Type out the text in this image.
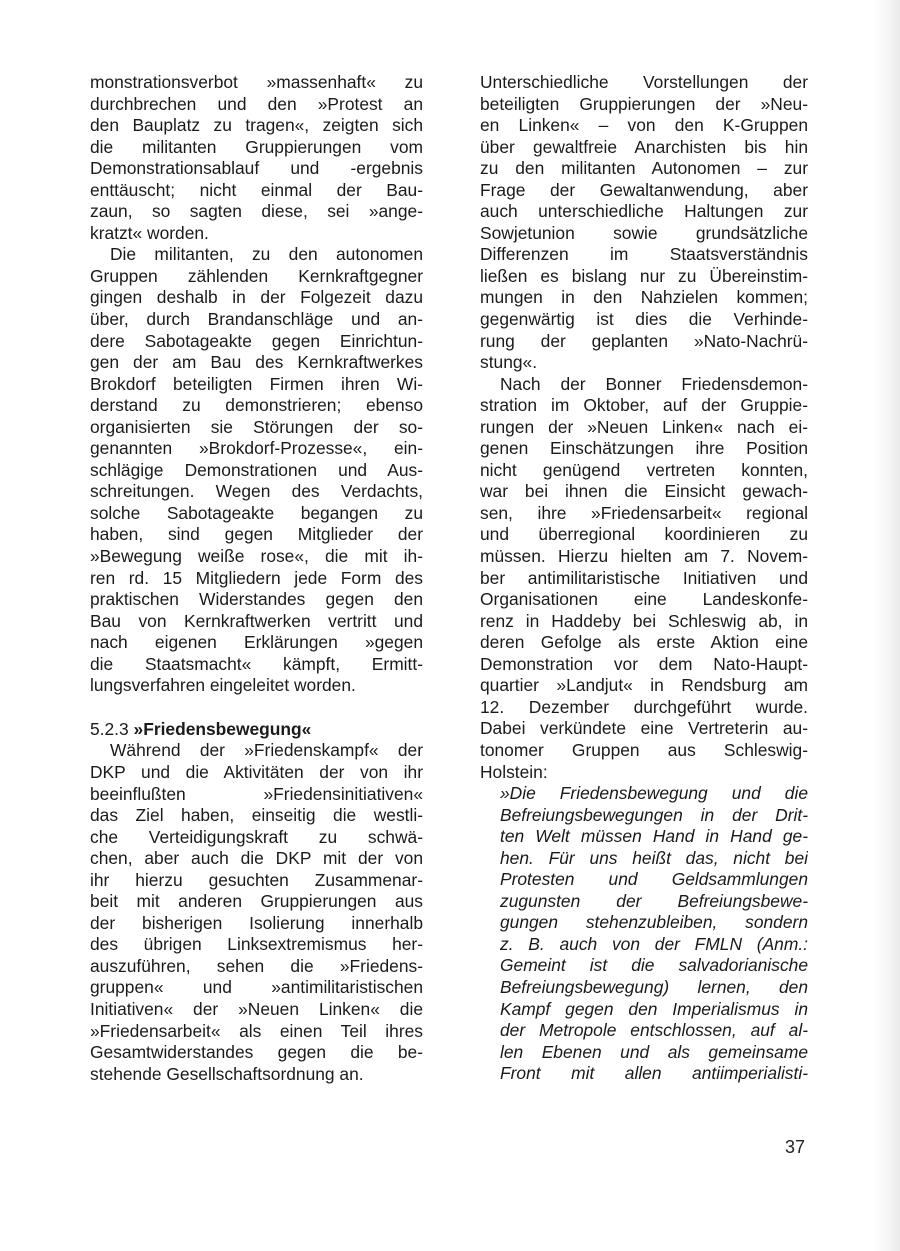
monstrationsverbot »massenhaft« zu
durchbrechen und den »Protest an
den Bauplatz zu tragen«, zeigten sich
die militanten Gruppierungen vom
Demonstrationsablauf und -ergebnis
enttäuscht; nicht einmal der Bau-
zaun, so sagten diese, sei »ange-
kratzt« worden.
Die militanten, zu den autonomen
Gruppen zählenden Kernkraftgegner
gingen deshalb in der Folgezeit dazu
über, durch Brandanschläge und an-
dere Sabotageakte gegen Einrichtun-
gen der am Bau des Kernkraftwerkes
Brokdorf beteiligten Firmen ihren Wi-
derstand zu demonstrieren; ebenso
organisierten sie Störungen der so-
genannten »Brokdorf-Prozesse«, ein-
schlägige Demonstrationen und Aus-
schreitungen. Wegen des Verdachts,
solche Sabotageakte begangen zu
haben, sind gegen Mitglieder der
»Bewegung weiße rose«, die mit ih-
ren rd. 15 Mitgliedern jede Form des
praktischen Widerstandes gegen den
Bau von Kernkraftwerken vertritt und
nach eigenen Erklärungen »gegen
die Staatsmacht« kämpft, Ermitt-
lungsverfahren eingeleitet worden.
5.2.3 »Friedensbewegung«
Während der »Friedenskampf« der
DKP und die Aktivitäten der von ihr
beeinflußten »Friedensinitiativen«
das Ziel haben, einseitig die westli-
che Verteidigungskraft zu schwä-
chen, aber auch die DKP mit der von
ihr hierzu gesuchten Zusammenar-
beit mit anderen Gruppierungen aus
der bisherigen Isolierung innerhalb
des übrigen Linksextremismus her-
auszuführen, sehen die »Friedens-
gruppen« und »antimilitaristischen
Initiativen« der »Neuen Linken« die
»Friedensarbeit« als einen Teil ihres
Gesamtwiderstandes gegen die be-
stehende Gesellschaftsordnung an.
Unterschiedliche Vorstellungen der
beteiligten Gruppierungen der »Neu-
en Linken« – von den K-Gruppen
über gewaltfreie Anarchisten bis hin
zu den militanten Autonomen – zur
Frage der Gewaltanwendung, aber
auch unterschiedliche Haltungen zur
Sowjetunion sowie grundsätzliche
Differenzen im Staatsverständnis
ließen es bislang nur zu Übereinstim-
mungen in den Nahzielen kommen;
gegenwärtig ist dies die Verhinde-
rung der geplanten »Nato-Nachrü-
stung«.
Nach der Bonner Friedensdemon-
stration im Oktober, auf der Gruppie-
rungen der »Neuen Linken« nach ei-
genen Einschätzungen ihre Position
nicht genügend vertreten konnten,
war bei ihnen die Einsicht gewach-
sen, ihre »Friedensarbeit« regional
und überregional koordinieren zu
müssen. Hierzu hielten am 7. Novem-
ber antimilitaristische Initiativen und
Organisationen eine Landeskonfe-
renz in Haddeby bei Schleswig ab, in
deren Gefolge als erste Aktion eine
Demonstration vor dem Nato-Haupt-
quartier »Landjut« in Rendsburg am
12. Dezember durchgeführt wurde.
Dabei verkündete eine Vertreterin au-
tonomer Gruppen aus Schleswig-
Holstein:
»Die Friedensbewegung und die
Befreiungsbewegungen in der Drit-
ten Welt müssen Hand in Hand ge-
hen. Für uns heißt das, nicht bei
Protesten und Geldsammlungen
zugunsten der Befreiungsbewe-
gungen stehenzubleiben, sondern
z. B. auch von der FMLN (Anm.:
Gemeint ist die salvadorianische
Befreiungsbewegung) lernen, den
Kampf gegen den Imperialismus in
der Metropole entschlossen, auf al-
len Ebenen und als gemeinsame
Front mit allen antiimperialisti-
37
